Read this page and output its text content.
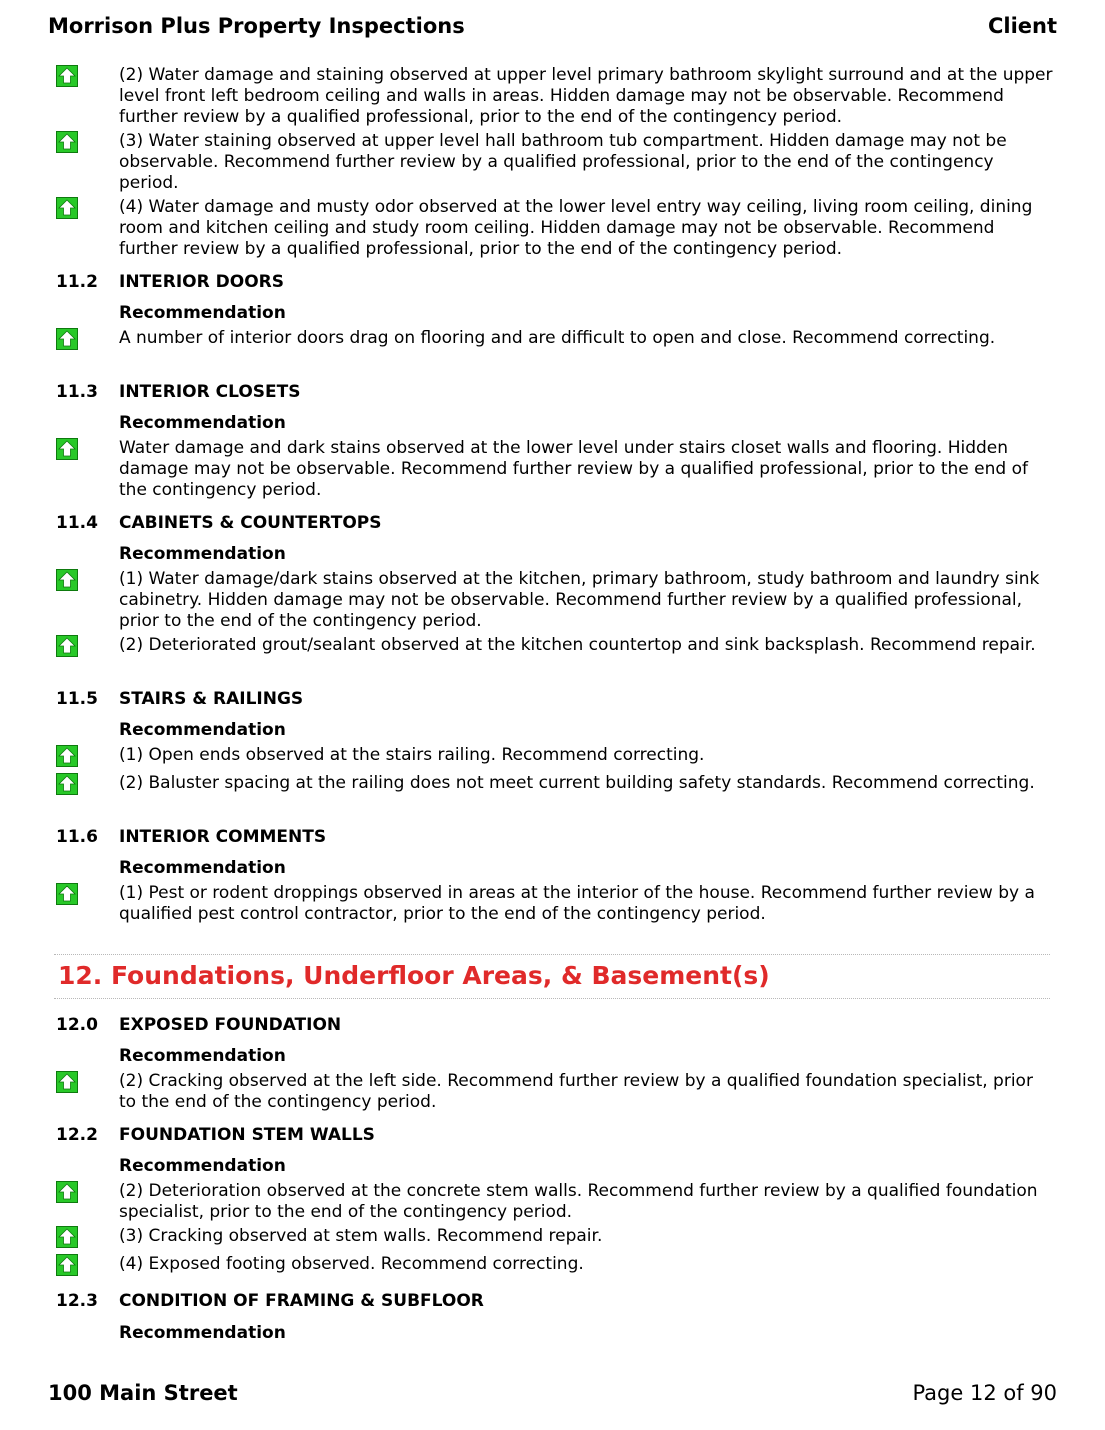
Morrison Plus Property Inspections	Client
(2) Water damage and staining observed at upper level primary bathroom skylight surround and at the upper level front left bedroom ceiling and walls in areas. Hidden damage may not be observable. Recommend further review by a qualified professional, prior to the end of the contingency period.
(3) Water staining observed at upper level hall bathroom tub compartment. Hidden damage may not be observable. Recommend further review by a qualified professional, prior to the end of the contingency period.
(4) Water damage and musty odor observed at the lower level entry way ceiling, living room ceiling, dining room and kitchen ceiling and study room ceiling. Hidden damage may not be observable. Recommend further review by a qualified professional, prior to the end of the contingency period.
11.2 INTERIOR DOORS
Recommendation
A number of interior doors drag on flooring and are difficult to open and close. Recommend correcting.
11.3 INTERIOR CLOSETS
Recommendation
Water damage and dark stains observed at the lower level under stairs closet walls and flooring. Hidden damage may not be observable. Recommend further review by a qualified professional, prior to the end of the contingency period.
11.4 CABINETS & COUNTERTOPS
Recommendation
(1) Water damage/dark stains observed at the kitchen, primary bathroom, study bathroom and laundry sink cabinetry. Hidden damage may not be observable. Recommend further review by a qualified professional, prior to the end of the contingency period.
(2) Deteriorated grout/sealant observed at the kitchen countertop and sink backsplash. Recommend repair.
11.5 STAIRS & RAILINGS
Recommendation
(1) Open ends observed at the stairs railing. Recommend correcting.
(2) Baluster spacing at the railing does not meet current building safety standards. Recommend correcting.
11.6 INTERIOR COMMENTS
Recommendation
(1) Pest or rodent droppings observed in areas at the interior of the house. Recommend further review by a qualified pest control contractor, prior to the end of the contingency period.
12. Foundations, Underfloor Areas, & Basement(s)
12.0 EXPOSED FOUNDATION
Recommendation
(2) Cracking observed at the left side. Recommend further review by a qualified foundation specialist, prior to the end of the contingency period.
12.2 FOUNDATION STEM WALLS
Recommendation
(2) Deterioration observed at the concrete stem walls. Recommend further review by a qualified foundation specialist, prior to the end of the contingency period.
(3) Cracking observed at stem walls. Recommend repair.
(4) Exposed footing observed. Recommend correcting.
12.3 CONDITION OF FRAMING & SUBFLOOR
Recommendation
100 Main Street	Page 12 of 90
